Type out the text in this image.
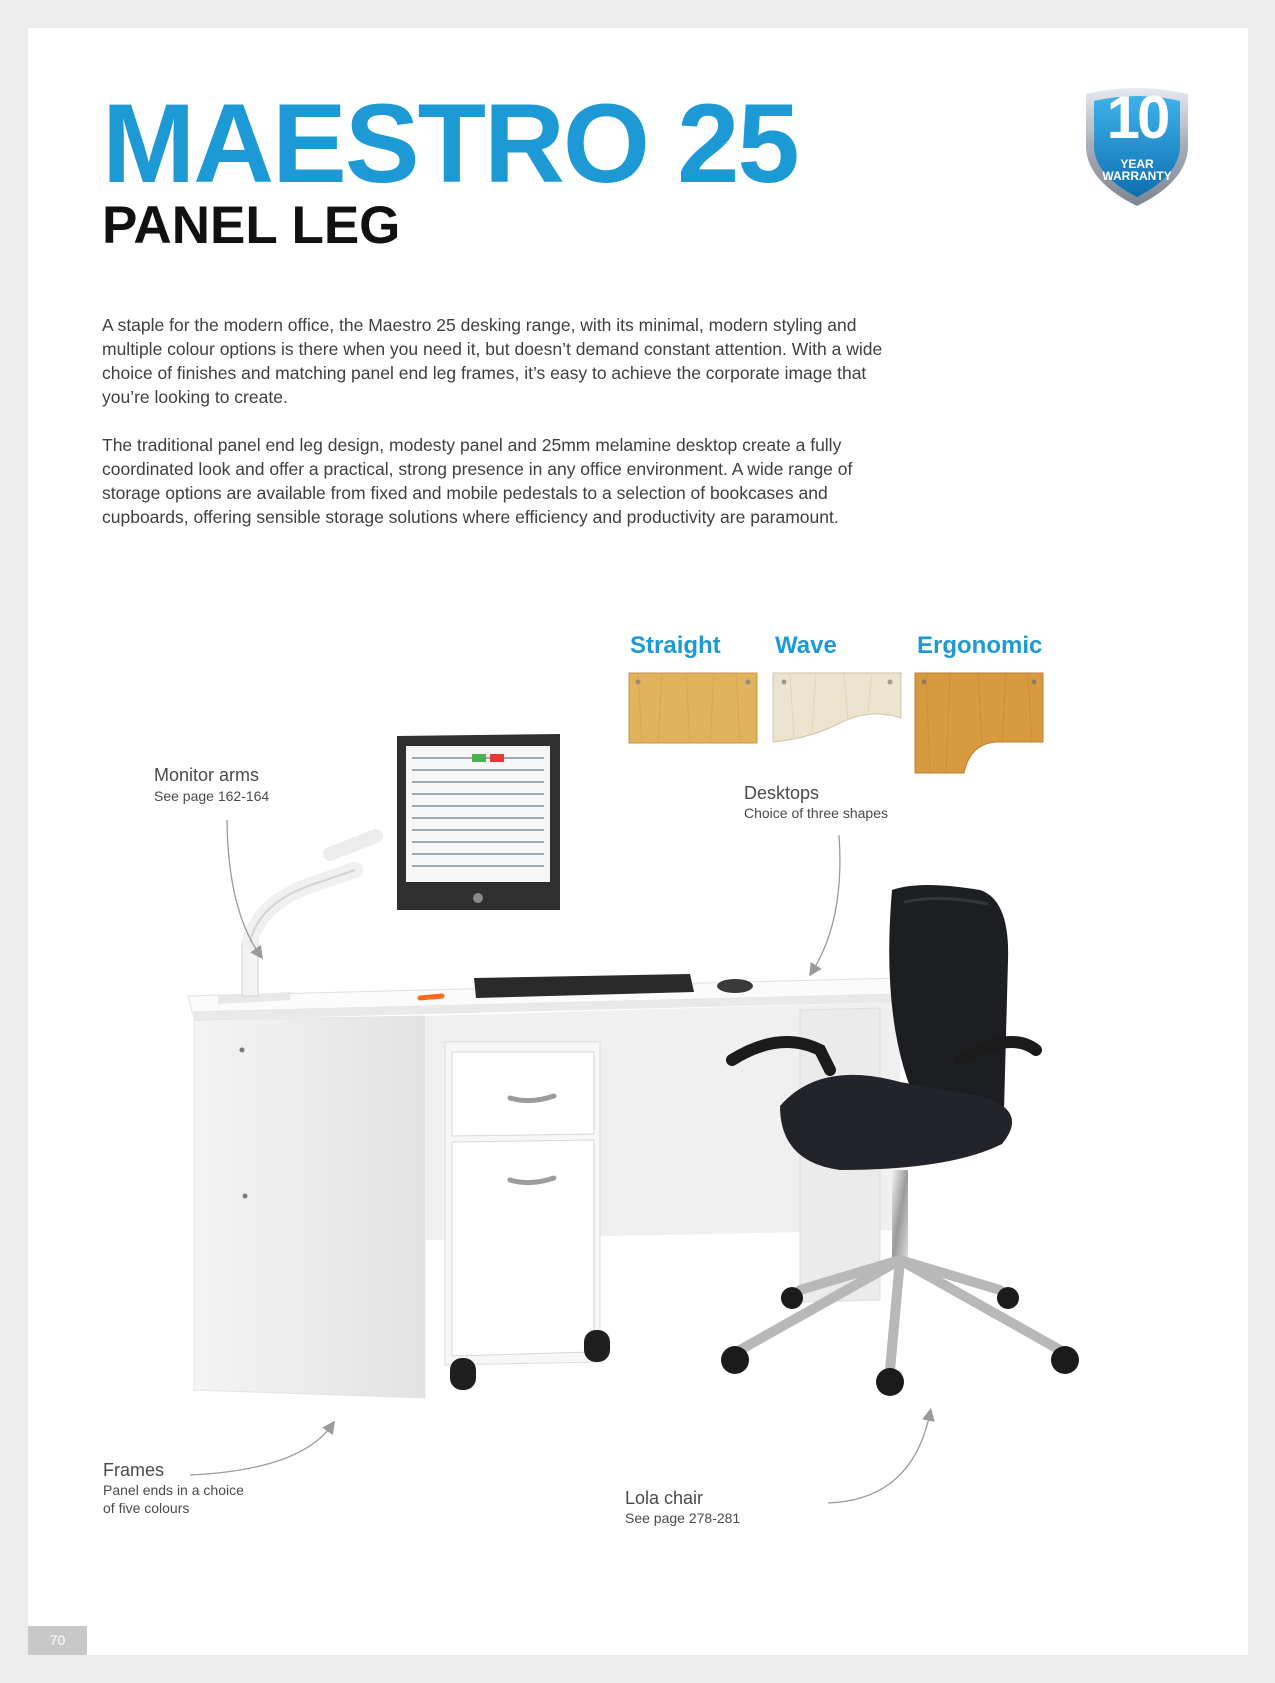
MAESTRO 25
PANEL LEG
10
YEAR
WARRANTY
A staple for the modern office, the Maestro 25 desking range, with its minimal, modern styling and multiple colour options is there when you need it, but doesn’t demand constant attention. With a wide choice of finishes and matching panel end leg frames, it’s easy to achieve the corporate image that you’re looking to create.
The traditional panel end leg design, modesty panel and 25mm melamine desktop create a fully coordinated look and offer a practical, strong presence in any office environment. A wide range of storage options are available from fixed and mobile pedestals to a selection of bookcases and cupboards, offering sensible storage solutions where efficiency and productivity are paramount.
Straight Wave	Ergonomic
Monitor arms
See page 162-164	Desktops
Choice of three shapes
Frames
Panel ends in a choice
of five colours	Lola chair
See page 278-281
70
